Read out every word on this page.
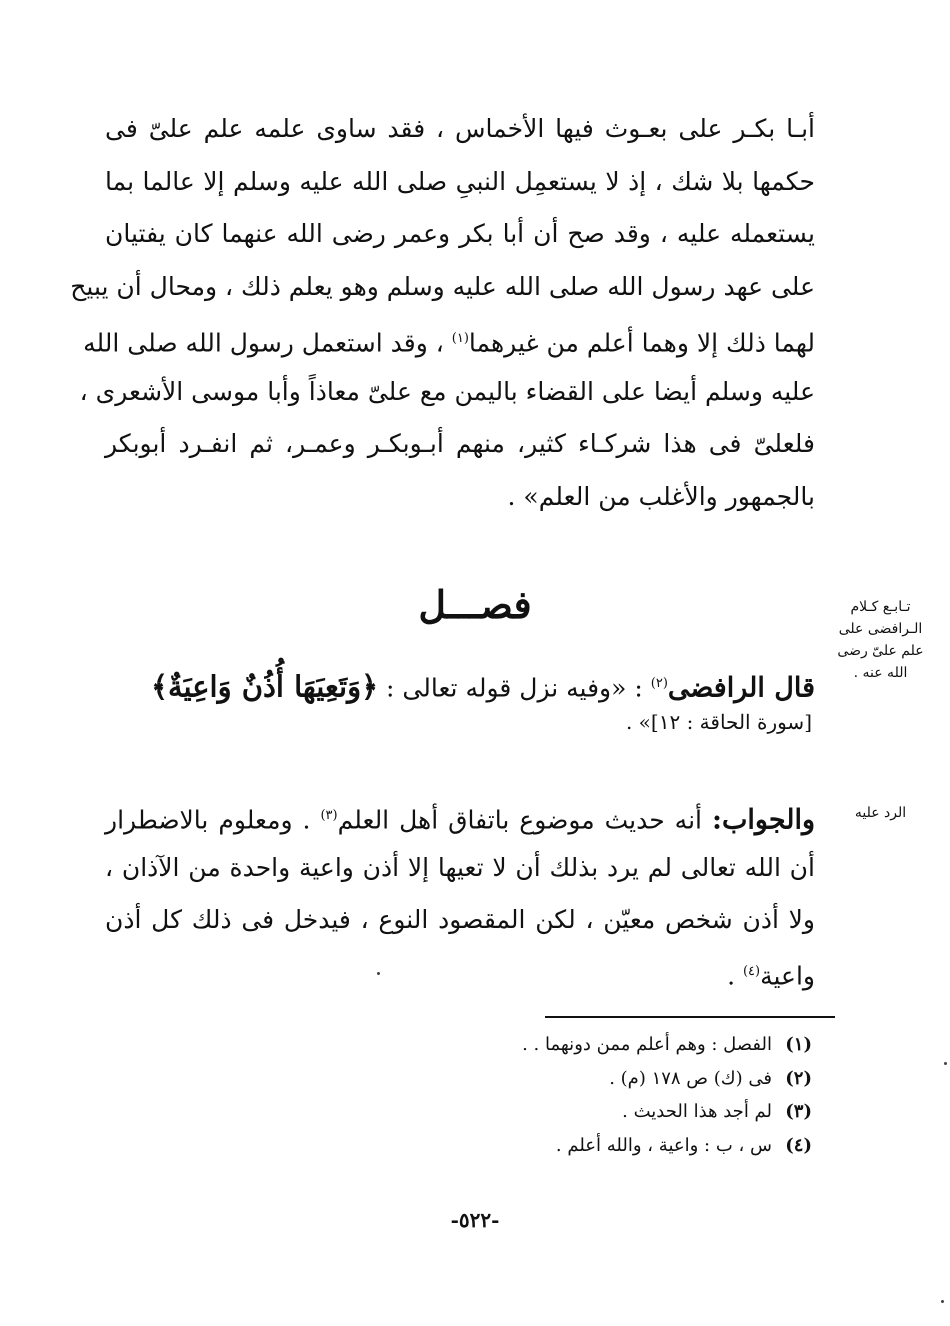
أبـا بكـر على بعـوث فيها الأخماس ، فقد ساوى علمه علم علىّ فى
حكمها بلا شك ، إذ لا يستعمِل النبىِ صلى الله عليه وسلم إلا عالما بما
يستعمله عليه ، وقد صح أن أبا بكر وعمر رضى الله عنهما كان يفتيان
على عهد رسول الله صلى الله عليه وسلم وهو يعلم ذلك ، ومحال أن يبيح
لهما ذلك إلا وهما أعلم من غيرهما$^{(١)}$ ، وقد استعمل رسول الله صلى الله
عليه وسلم أيضا على القضاء باليمن مع علىّ معاذاً وأبا موسى الأشعرى ،
فلعلىّ فى هذا شركـاء كثير، منهم أبـوبكـر وعمـر، ثم انفـرد أبوبكر
بالجمهور والأغلب من العلم» .
فصـــل	تـابـع كـلام
الـرافضى على
علم علىّ رضى
الله عنه .
قال الرافضى$^{(٢)}$ : «وفيه نزل قوله تعالى : ﴿وَتَعِيَهَا أُذُنٌ وَاعِيَةٌ﴾
[سورة الحاقة : ١٢]» .
الرد عليه
والجواب: أنه حديث موضوع باتفاق أهل العلم$^{(٣)}$ . ومعلوم بالاضطرار
أن الله تعالى لم يرد بذلك أن لا تعيها إلا أذن واعية واحدة من الآذان ،
ولا أذن شخص معيّن ، لكن المقصود النوع ، فيدخل فى ذلك كل أذن
واعية$^{(٤)}$ .
(١)الفصل : وهم أعلم ممن دونهما . .
(٢)فى (ك) ص ١٧٨ (م) .
(٣)لم أجد هذا الحديث .
(٤)س ، ب : واعية ، والله أعلم .
-٥٢٢-
